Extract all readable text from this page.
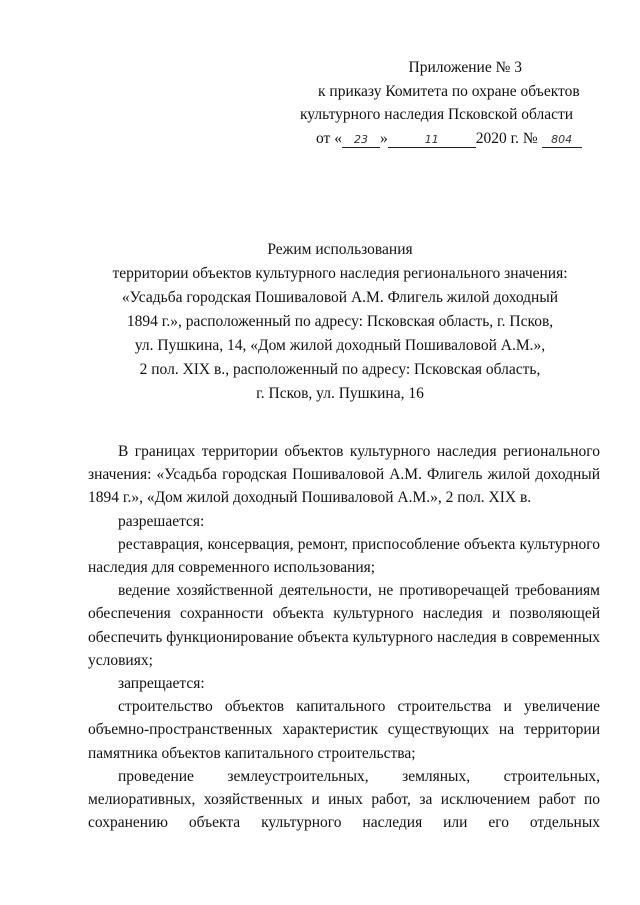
Приложение № 3
к приказу Комитета по охране объектов
культурного наследия Псковской области
от « 23 »	11 2020 г. № 804
Режим использования
территории объектов культурного наследия регионального значения:
«Усадьба городская Пошиваловой А.М. Флигель жилой доходный
1894 г.», расположенный по адресу: Псковская область, г. Псков,
ул. Пушкина, 14, «Дом жилой доходный Пошиваловой А.М.»,
2 пол. XIX в., расположенный по адресу: Псковская область,
г. Псков, ул. Пушкина, 16

В границах территории объектов культурного наследия регионального значения: «Усадьба городская Пошиваловой А.М. Флигель жилой доходный 1894 г.», «Дом жилой доходный Пошиваловой А.М.», 2 пол. XIX в.

разрешается:

реставрация, консервация, ремонт, приспособление объекта культурного наследия для современного использования;

ведение хозяйственной деятельности, не противоречащей требованиям обеспечения сохранности объекта культурного наследия и позволяющей обеспечить функционирование объекта культурного наследия в современных условиях;

запрещается:

строительство объектов капитального строительства и увеличение объемно-пространственных характеристик существующих на территории памятника объектов капитального строительства;

проведение землеустроительных, земляных, строительных, мелиоративных, хозяйственных и иных работ, за исключением работ по сохранению объекта культурного наследия или его отдельных
